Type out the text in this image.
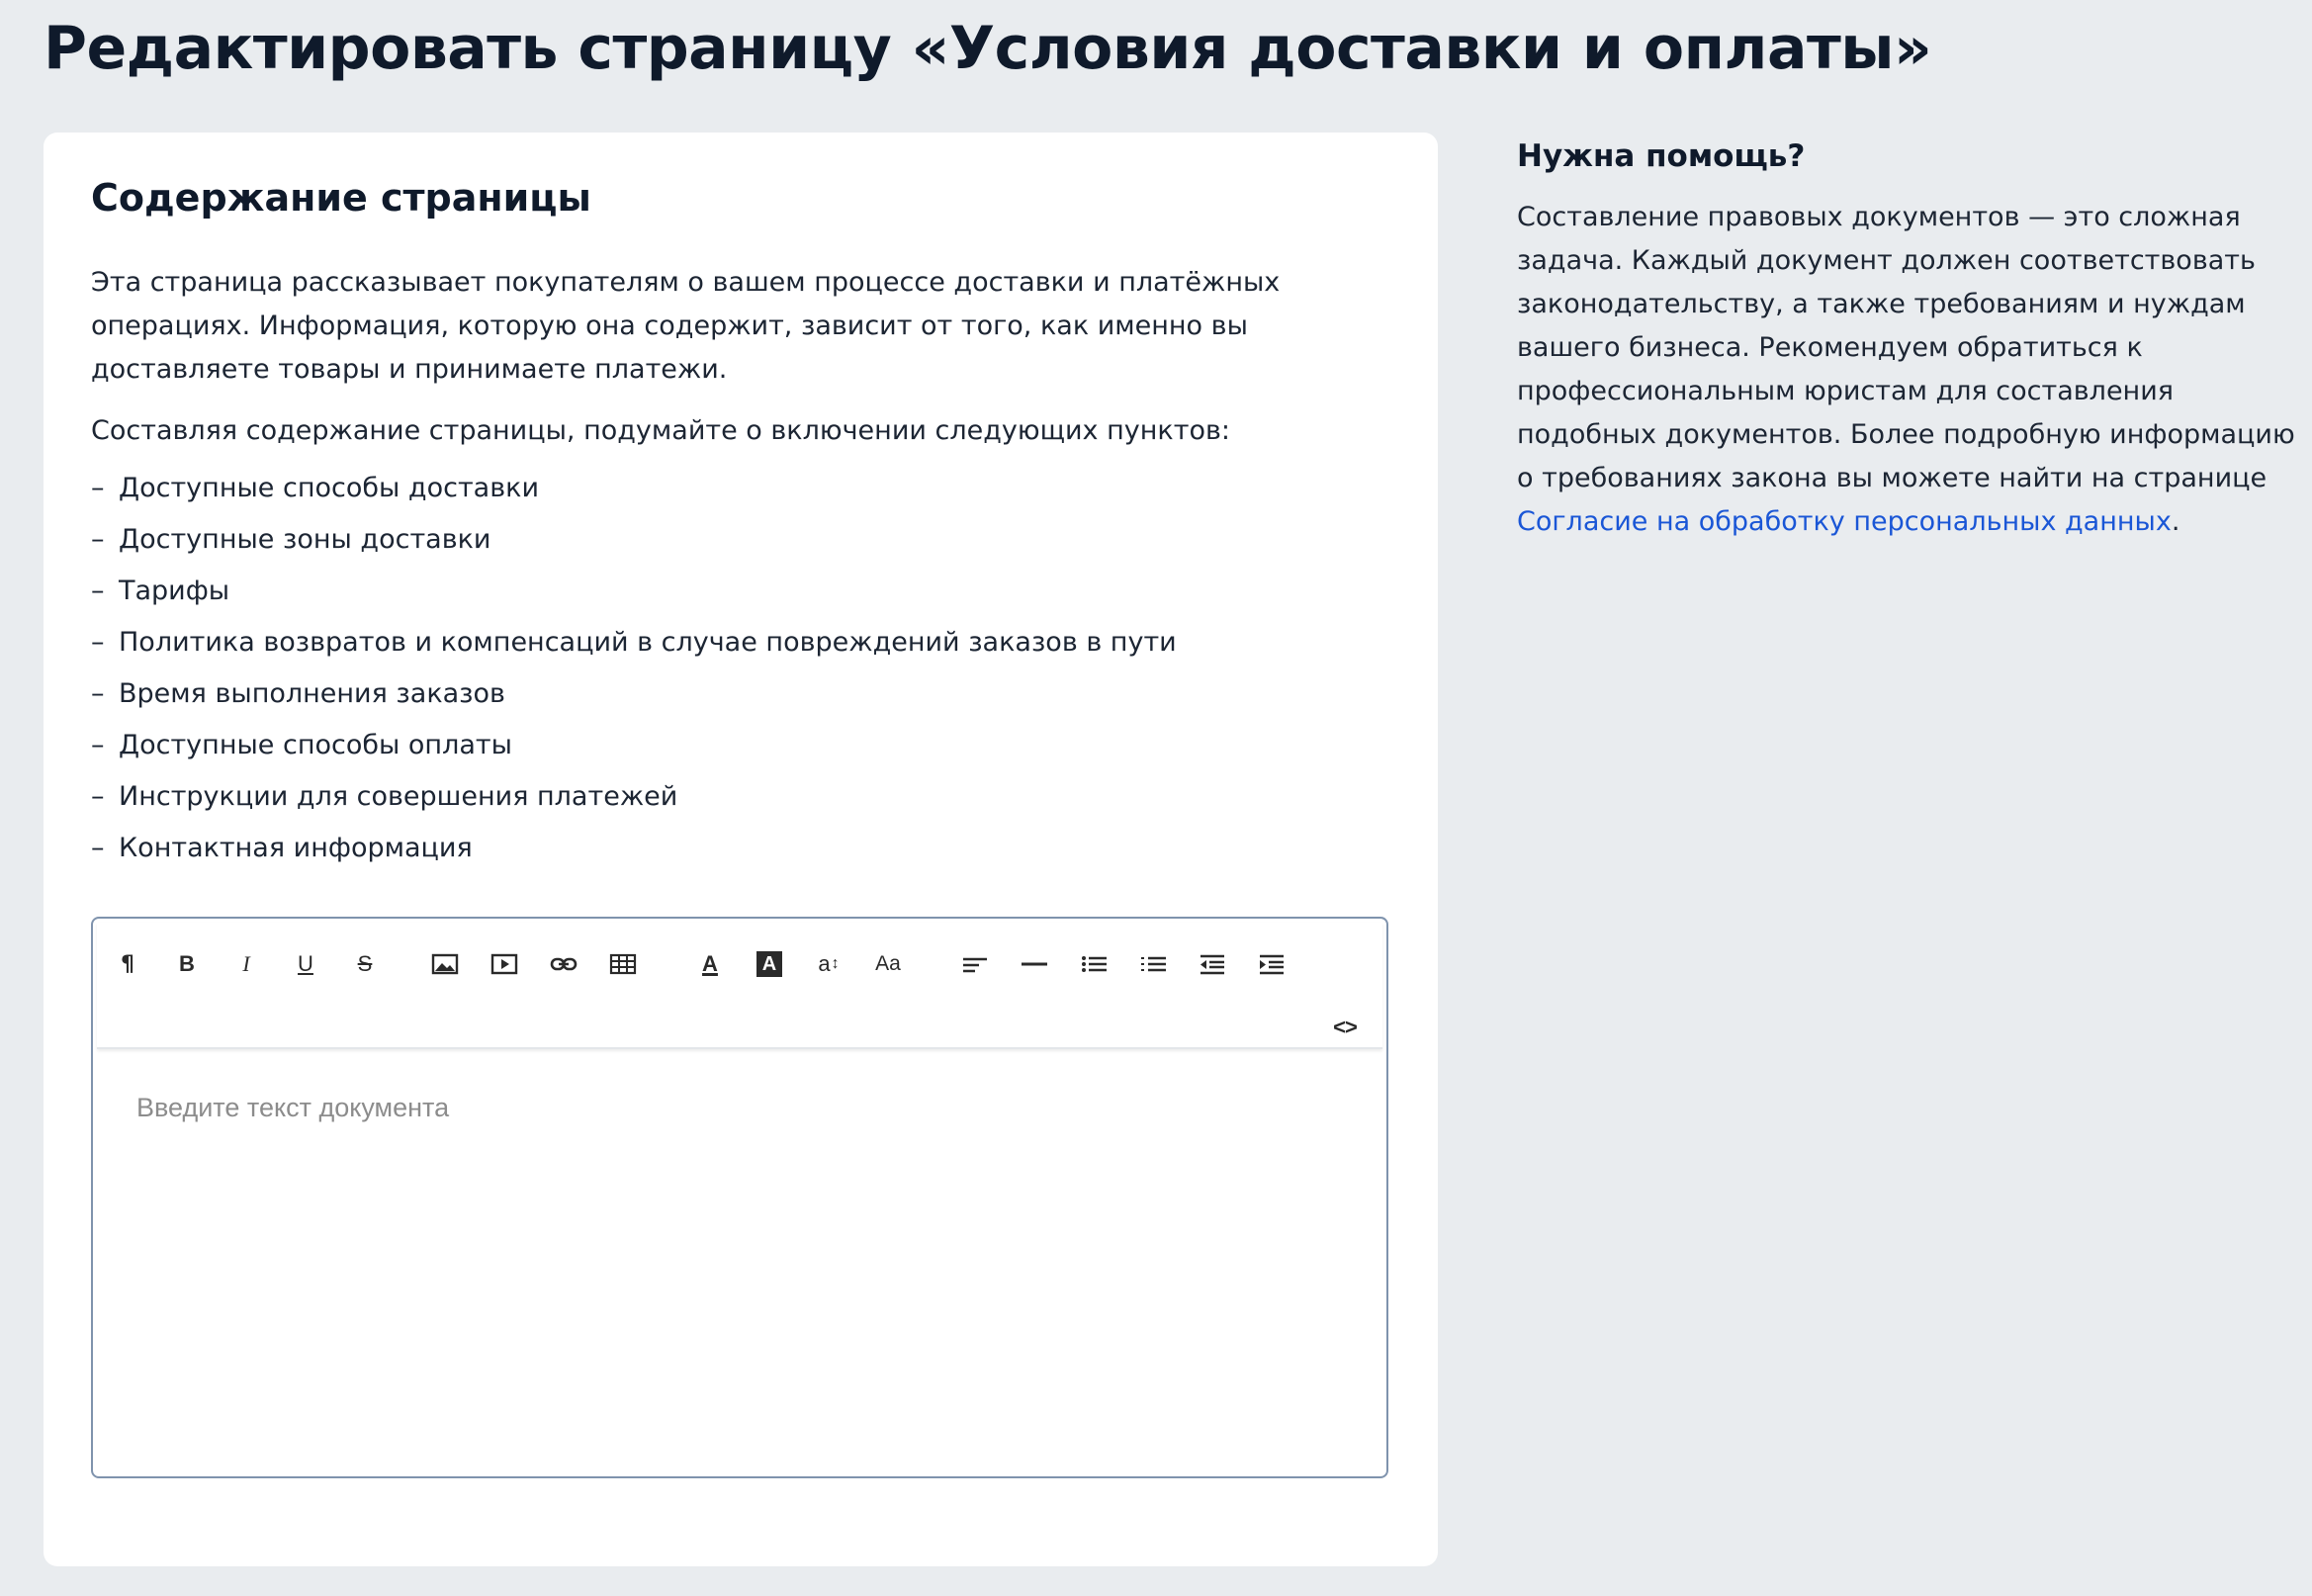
Редактировать страницу «Условия доставки и оплаты»
Содержание страницы

Эта страница рассказывает покупателям о вашем процессе доставки и платёжных операциях. Информация, которую она содержит, зависит от того, как именно вы доставляете товары и принимаете платежи.

Составляя содержание страницы, подумайте о включении следующих пунктов:

– Доступные способы доставки
– Доступные зоны доставки
– Тарифы
– Политика возвратов и компенсаций в случае повреждений заказов в пути
– Время выполнения заказов
– Доступные способы оплаты
– Инструкции для совершения платежей
– Контактная информация
¶	B	I	U	S	A	A a ↕	Aa
<>
Введите текст документа
Нужна помощь?

Составление правовых документов — это сложная задача. Каждый документ должен соответствовать законодательству, а также требованиям и нуждам вашего бизнеса. Рекомендуем обратиться к профессиональным юристам для составления подобных документов. Более подробную информацию о требованиях закона вы можете найти на странице Согласие на обработку персональных данных.
